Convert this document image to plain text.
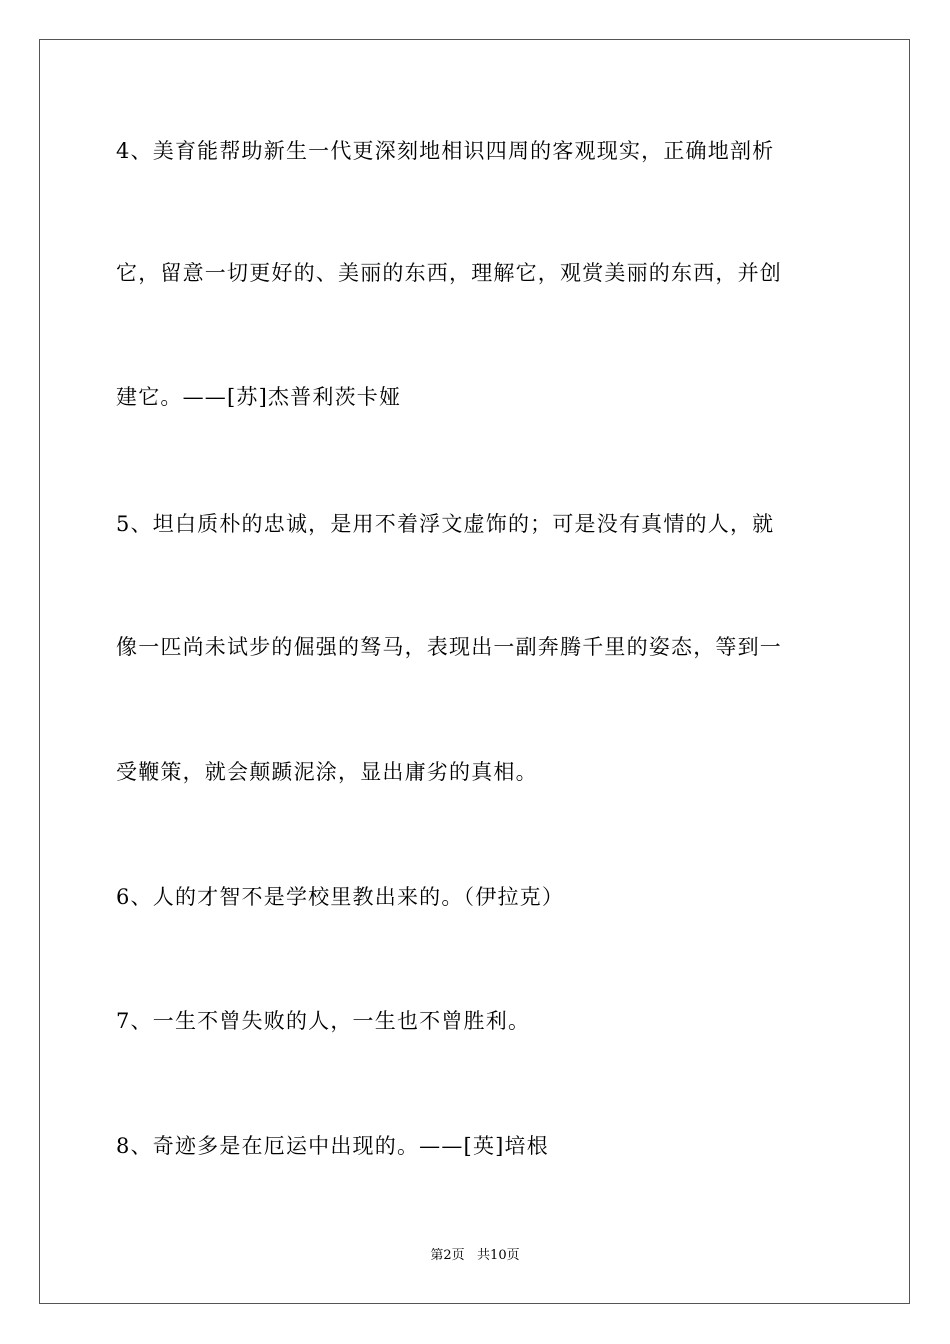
4、美育能帮助新生一代更深刻地相识四周的客观现实，正确地剖析
它，留意一切更好的、美丽的东西，理解它，观赏美丽的东西，并创
建它。——[苏]杰普利茨卡娅
5、坦白质朴的忠诚，是用不着浮文虚饰的；可是没有真情的人，就
像一匹尚未试步的倔强的驽马，表现出一副奔腾千里的姿态，等到一
受鞭策，就会颠踬泥涂，显出庸劣的真相。
6、人的才智不是学校里教出来的。（伊拉克）
7、一生不曾失败的人，一生也不曾胜利。
8、奇迹多是在厄运中出现的。——[英]培根
第2页   共10页
